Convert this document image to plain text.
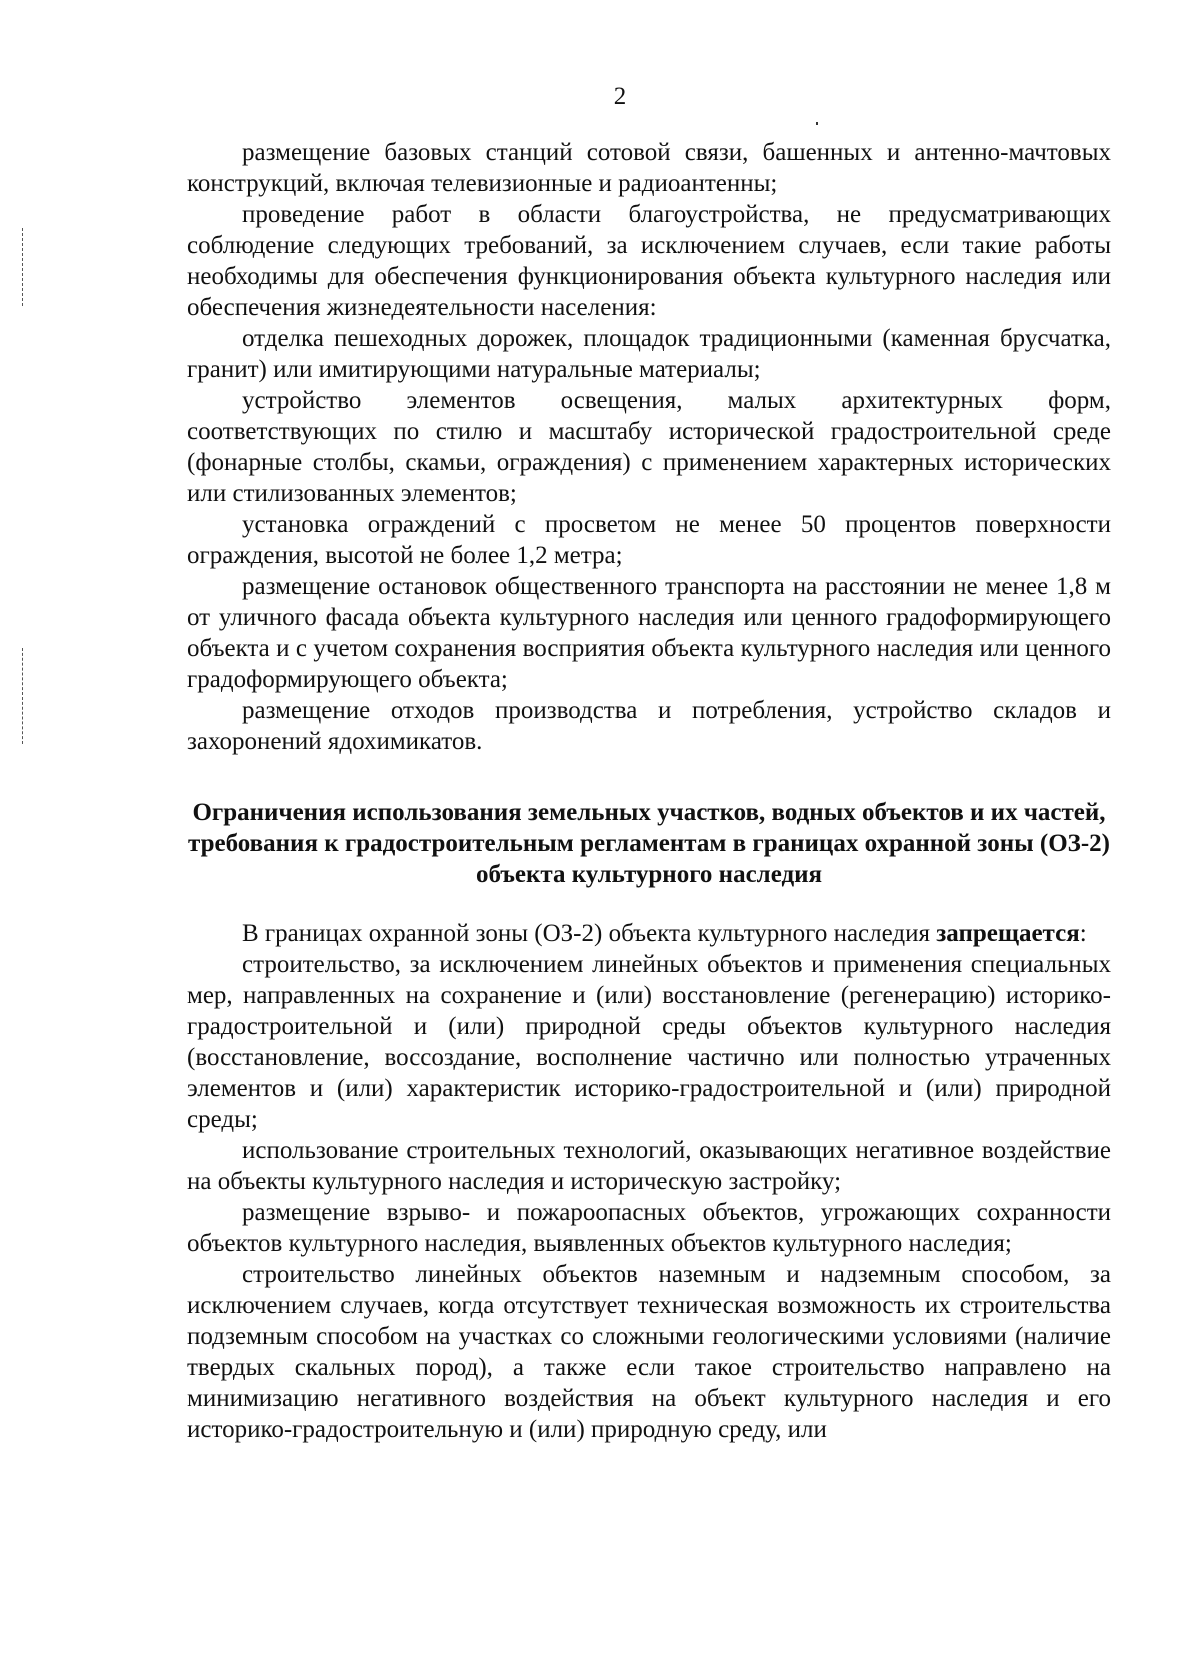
2

размещение базовых станций сотовой связи, башенных и антенно-мачтовых конструкций, включая телевизионные и радиоантенны;

проведение работ в области благоустройства, не предусматривающих соблюдение следующих требований, за исключением случаев, если такие работы необходимы для обеспечения функционирования объекта культурного наследия или обеспечения жизнедеятельности населения:

отделка пешеходных дорожек, площадок традиционными (каменная брусчатка, гранит) или имитирующими натуральные материалы;

устройство элементов освещения, малых архитектурных форм, соответствующих по стилю и масштабу исторической градостроительной среде (фонарные столбы, скамьи, ограждения) с применением характерных исторических или стилизованных элементов;

установка ограждений с просветом не менее 50 процентов поверхности ограждения, высотой не более 1,2 метра;

размещение остановок общественного транспорта на расстоянии не менее 1,8 м от уличного фасада объекта культурного наследия или ценного градоформирующего объекта и с учетом сохранения восприятия объекта культурного наследия или ценного градоформирующего объекта;

размещение отходов производства и потребления, устройство складов и захоронений ядохимикатов.

Ограничения использования земельных участков, водных объектов и их частей, требования к градостроительным регламентам в границах охранной зоны (ОЗ-2) объекта культурного наследия

В границах охранной зоны (ОЗ-2) объекта культурного наследия запрещается:

строительство, за исключением линейных объектов и применения специальных мер, направленных на сохранение и (или) восстановление (регенерацию) историко-градостроительной и (или) природной среды объектов культурного наследия (восстановление, воссоздание, восполнение частично или полностью утраченных элементов и (или) характеристик историко-градостроительной и (или) природной среды;

использование строительных технологий, оказывающих негативное воздействие на объекты культурного наследия и историческую застройку;

размещение взрыво- и пожароопасных объектов, угрожающих сохранности объектов культурного наследия, выявленных объектов культурного наследия;

строительство линейных объектов наземным и надземным способом, за исключением случаев, когда отсутствует техническая возможность их строительства подземным способом на участках со сложными геологическими условиями (наличие твердых скальных пород), а также если такое строительство направлено на минимизацию негативного воздействия на объект культурного наследия и его историко-градостроительную и (или) природную среду, или
